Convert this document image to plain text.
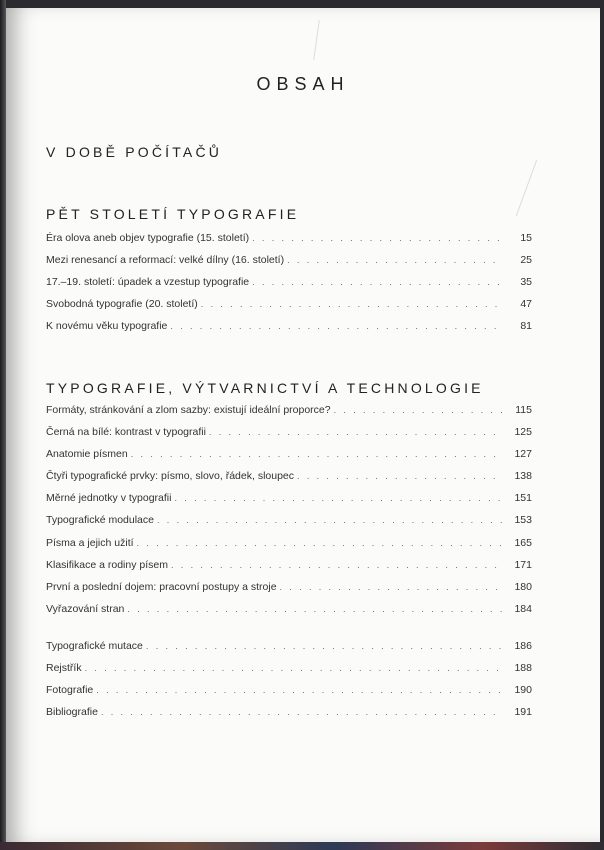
OBSAH
V DOBĚ POČÍTAČŮ
PĚT STOLETÍ TYPOGRAFIE
Éra olova aneb objev typografie (15. století) . . .	15
Mezi renesancí a reformací: velké dílny (16. století) . . .	25
17.–19. století: úpadek a vzestup typografie . . .	35
Svobodná typografie (20. století) . . .	47
K novému věku typografie . . .	81
TYPOGRAFIE, VÝTVARNICTVÍ A TECHNOLOGIE
Formáty, stránkování a zlom sazby: existují ideální proporce? . . .	115
Černá na bílé: kontrast v typografii . . .	125
Anatomie písmen . . .	127
Čtyři typografické prvky: písmo, slovo, řádek, sloupec . . .	138
Měrné jednotky v typografii . . .	151
Typografické modulace . . .	153
Písma a jejich užití . . .	165
Klasifikace a rodiny písem . . .	171
První a poslední dojem: pracovní postupy a stroje . . .	180
Vyřazování stran . . .	184
Typografické mutace . . .	186
Rejstřík . . .	188
Fotografie . . .	190
Bibliografie . . .	191
